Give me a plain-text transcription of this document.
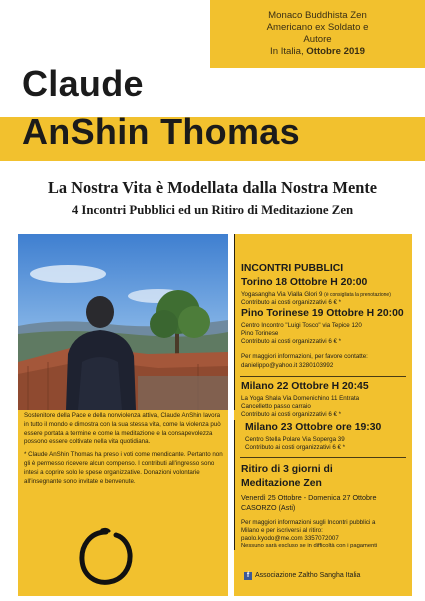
Monaco Buddhista Zen
Americano ex Soldato e
Autore
In Italia, Ottobre 2019
Claude
AnShin Thomas
La Nostra Vita è Modellata dalla Nostra Mente
4 Incontri Pubblici ed un Ritiro di Meditazione Zen

Sostenitore della Pace e della nonviolenza attiva, Claude AnShin lavora in tutto il mondo e dimostra con la sua stessa vita, come la violenza può essere portata a termine e come la meditazione e la consapevolezza possono essere coltivate nella vita quotidiana.

* Claude AnShin Thomas ha preso i voti come mendicante. Pertanto non gli è permesso ricevere alcun compenso. I contributi all'ingresso sono intesi a coprire solo le spese organizzative. Donazioni volontarie all'insegnante sono invitate e benvenute.

INCONTRI PUBBLICI
Torino 18 Ottobre H 20:00
Yogasangha Via Vialla Glori 9 (è consigliata la prenotazione)
Contributo ai costi organizzativi 6 € *
Pino Torinese 19 Ottobre H 20:00
Centro Incontro "Luigi Tosco" via Tepice 120
Pino Torinese
Contributo ai costi organizzativi 6 € *
Per maggiori informazioni, per favore contatte:
danielippo@yahoo.it 3280103992
Milano 22 Ottobre H 20:45
La Yoga Shala Via Domenichino 11 Entrata
Cancelletto passo carraio
Contributo ai costi organizzativi 6 € *
Milano 23 Ottobre ore 19:30
Centro Stella Polare Via Soperga 39
Contributo ai costi organizzativi 6 € *
Ritiro di 3 giorni di
Meditazione Zen
Venerdì 25 Ottobre - Domenica 27 Ottobre
CASORZO (Asti)
Per maggiori informazioni sugli Incontri pubblici a
Milano e per iscriversi al ritiro:
paolo.kyodo@me.com 3357072007
Nessuno sarà escluso se in difficoltà con i pagamenti
f Associazione Zaltho Sangha Italia
